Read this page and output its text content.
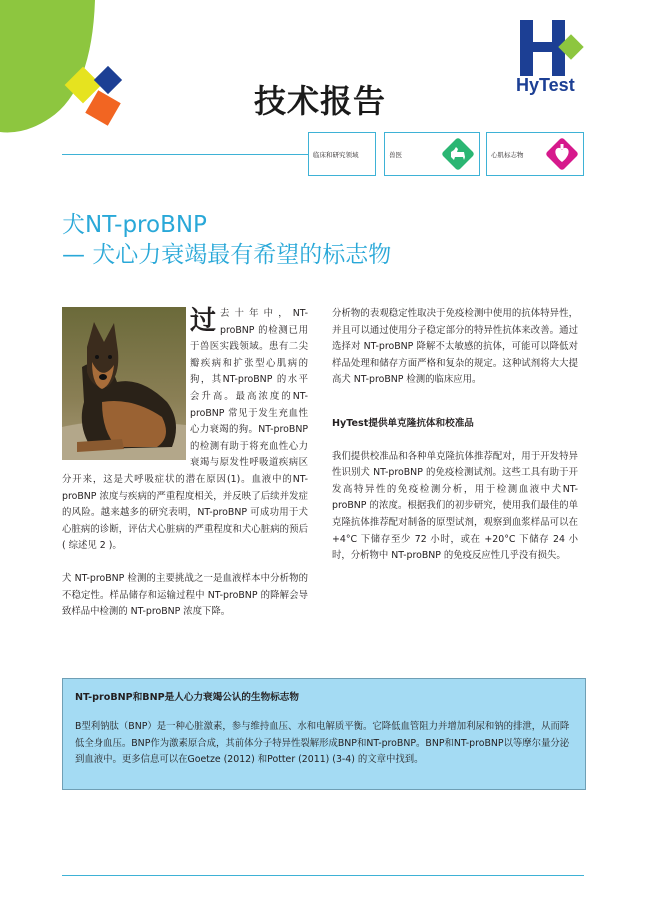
HyTest
技术报告
临床和研究领域	兽医	心肌标志物
犬NT-proBNP
— 犬心力衰竭最有希望的标志物
过 去十年中，NT-proBNP 的检测已用于兽医实践领域。患有二尖瓣疾病和扩张型心肌病的狗，其NT-proBNP 的水平会升高。最高浓度的NT-proBNP 常见于发生充血性心力衰竭的狗。NT-proBNP 的检测有助于将充血性心力衰竭与原发性呼吸道疾病区分开来，这是犬呼吸症状的潜在原因(1)。血液中的NT-proBNP 浓度与疾病的严重程度相关，并反映了后续并发症的风险。越来越多的研究表明，NT-proBNP 可成功用于犬心脏病的诊断，评估犬心脏病的严重程度和犬心脏病的预后( 综述见 2 )。

犬 NT-proBNP 检测的主要挑战之一是血液样本中分析物的不稳定性。样品储存和运输过程中 NT-proBNP 的降解会导致样品中检测的 NT-proBNP 浓度下降。

分析物的表观稳定性取决于免疫检测中使用的抗体特异性，并且可以通过使用分子稳定部分的特异性抗体来改善。通过选择对 NT-proBNP 降解不太敏感的抗体，可能可以降低对样品处理和储存方面严格和复杂的规定。这种试剂将大大提高犬 NT-proBNP 检测的临床应用。

HyTest提供单克隆抗体和校准品

我们提供校准品和各种单克隆抗体推荐配对，用于开发特异性识别犬 NT-proBNP 的免疫检测试剂。这些工具有助于开发高特异性的免疫检测分析，用于检测血液中犬NT-proBNP 的浓度。根据我们的初步研究，使用我们最佳的单克隆抗体推荐配对制备的原型试剂，观察到血浆样品可以在 +4°C 下储存至少 72 小时，或在 +20°C 下储存 24 小时，分析物中 NT-proBNP 的免疫反应性几乎没有损失。

NT-proBNP和BNP是人心力衰竭公认的生物标志物
B型利钠肽（BNP）是一种心脏激素，参与维持血压、水和电解质平衡。它降低血管阻力并增加利尿和钠的排泄，从而降低全身血压。BNP作为激素原合成，其前体分子特异性裂解形成BNP和NT-proBNP。BNP和NT-proBNP以等摩尔量分泌到血液中。更多信息可以在Goetze (2012) 和Potter (2011) (3-4) 的文章中找到。
